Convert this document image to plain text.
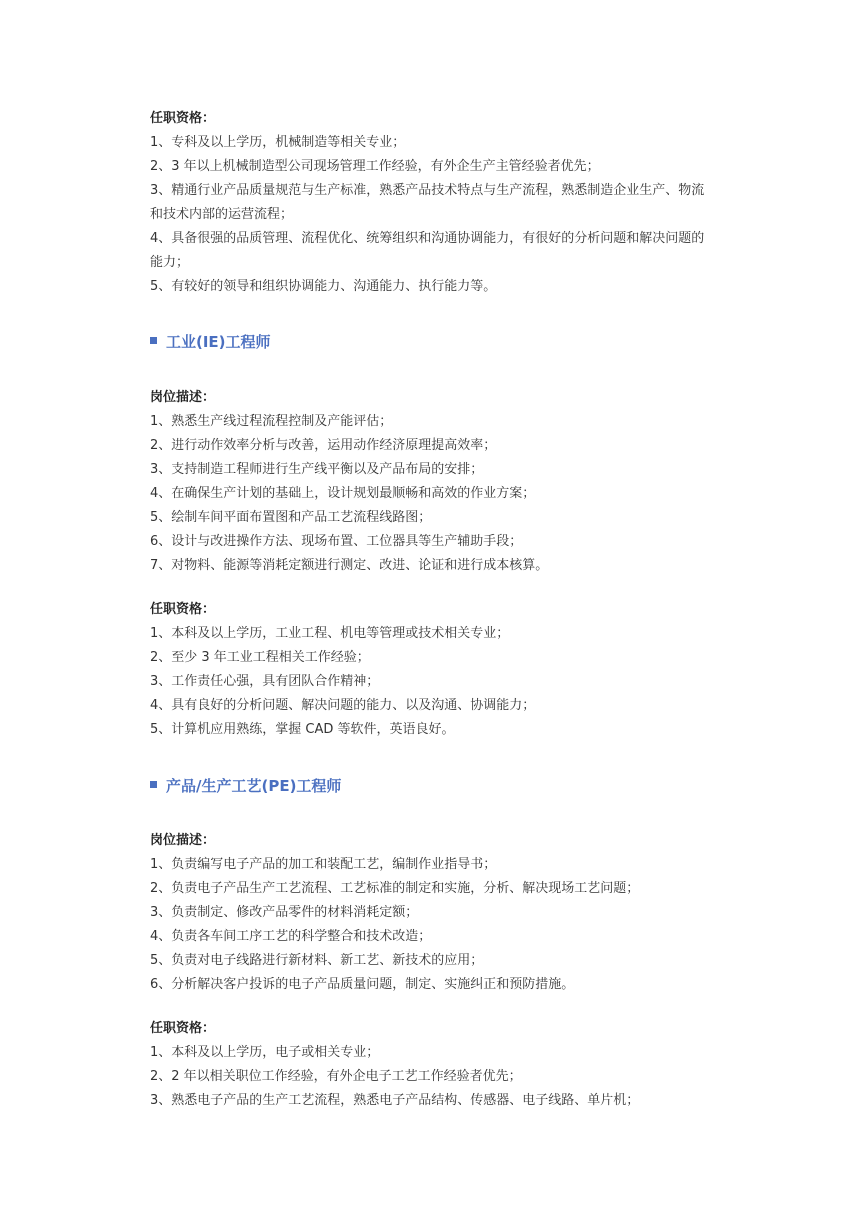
任职资格：
1、专科及以上学历，机械制造等相关专业；
2、3 年以上机械制造型公司现场管理工作经验，有外企生产主管经验者优先；
3、精通行业产品质量规范与生产标准，熟悉产品技术特点与生产流程，熟悉制造企业生产、物流
和技术内部的运营流程；
4、具备很强的品质管理、流程优化、统筹组织和沟通协调能力，有很好的分析问题和解决问题的
能力；
5、有较好的领导和组织协调能力、沟通能力、执行能力等。
工业(IE)工程师
岗位描述：
1、熟悉生产线过程流程控制及产能评估；
2、进行动作效率分析与改善，运用动作经济原理提高效率；
3、支持制造工程师进行生产线平衡以及产品布局的安排；
4、在确保生产计划的基础上，设计规划最顺畅和高效的作业方案；
5、绘制车间平面布置图和产品工艺流程线路图；
6、设计与改进操作方法、现场布置、工位器具等生产辅助手段；
7、对物料、能源等消耗定额进行测定、改进、论证和进行成本核算。
任职资格：
1、本科及以上学历，工业工程、机电等管理或技术相关专业；
2、至少 3 年工业工程相关工作经验；
3、工作责任心强，具有团队合作精神；
4、具有良好的分析问题、解决问题的能力、以及沟通、协调能力；
5、计算机应用熟练，掌握 CAD 等软件，英语良好。
产品/生产工艺(PE)工程师
岗位描述：
1、负责编写电子产品的加工和装配工艺，编制作业指导书；
2、负责电子产品生产工艺流程、工艺标准的制定和实施，分析、解决现场工艺问题；
3、负责制定、修改产品零件的材料消耗定额；
4、负责各车间工序工艺的科学整合和技术改造；
5、负责对电子线路进行新材料、新工艺、新技术的应用；
6、分析解决客户投诉的电子产品质量问题，制定、实施纠正和预防措施。
任职资格：
1、本科及以上学历，电子或相关专业；
2、2 年以相关职位工作经验，有外企电子工艺工作经验者优先；
3、熟悉电子产品的生产工艺流程，熟悉电子产品结构、传感器、电子线路、单片机；
